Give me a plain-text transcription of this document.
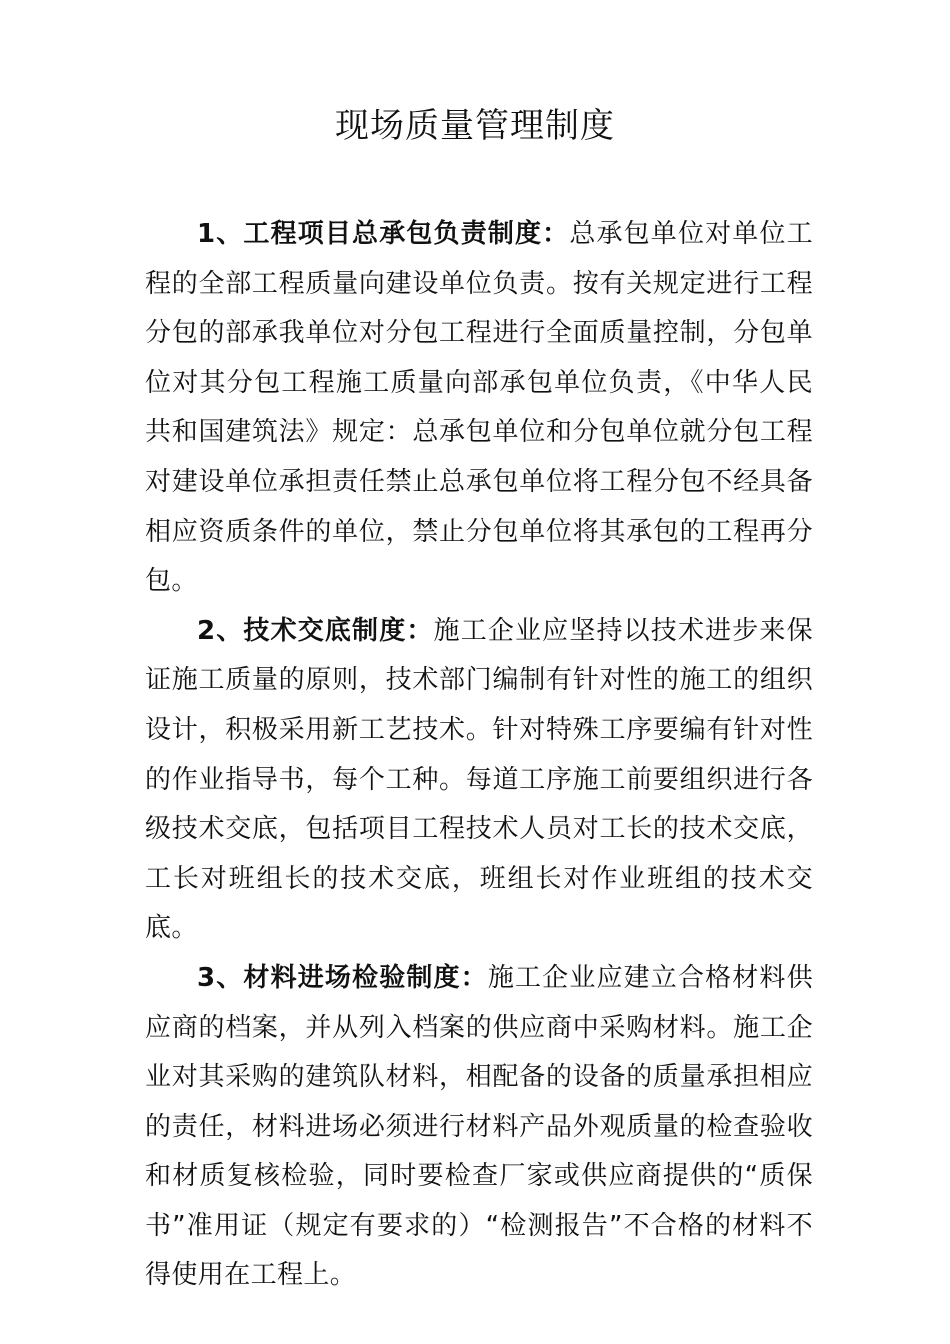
现场质量管理制度

1、工程项目总承包负责制度：总承包单位对单位工程的全部工程质量向建设单位负责。按有关规定进行工程分包的部承我单位对分包工程进行全面质量控制，分包单位对其分包工程施工质量向部承包单位负责，《中华人民共和国建筑法》规定：总承包单位和分包单位就分包工程对建设单位承担责任禁止总承包单位将工程分包不经具备相应资质条件的单位，禁止分包单位将其承包的工程再分包。

2、技术交底制度：施工企业应坚持以技术进步来保证施工质量的原则，技术部门编制有针对性的施工的组织设计，积极采用新工艺技术。针对特殊工序要编有针对性的作业指导书，每个工种。每道工序施工前要组织进行各级技术交底，包括项目工程技术人员对工长的技术交底，工长对班组长的技术交底，班组长对作业班组的技术交底。

3、材料进场检验制度：施工企业应建立合格材料供应商的档案，并从列入档案的供应商中采购材料。施工企业对其采购的建筑队材料，相配备的设备的质量承担相应的责任，材料进场必须进行材料产品外观质量的检查验收和材质复核检验，同时要检查厂家或供应商提供的“质保书”准用证（规定有要求的）“检测报告”不合格的材料不得使用在工程上。
